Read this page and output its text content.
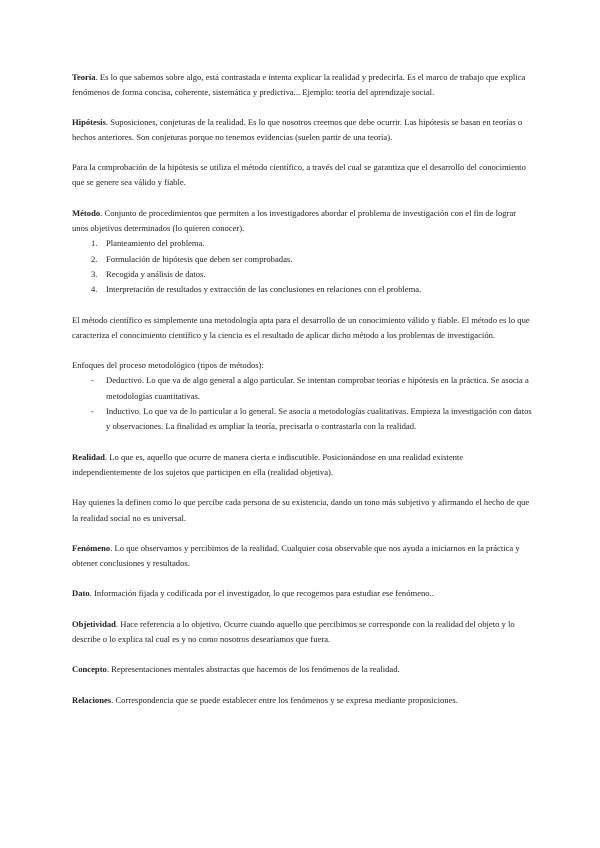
Teoría. Es lo que sabemos sobre algo, está contrastada e intenta explicar la realidad y predecirla. Es el marco de trabajo que explica fenómenos de forma concisa, coherente, sistemática y predictiva... Ejemplo: teoría del aprendizaje social.

Hipótesis. Suposiciones, conjeturas de la realidad. Es lo que nosotros creemos que debe ocurrir. Las hipótesis se basan en teorías o hechos anteriores. Son conjeturas porque no tenemos evidencias (suelen partir de una teoría).

Para la comprobación de la hipótesis se utiliza el método científico, a través del cual se garantiza que el desarrollo del conocimiento que se genere sea válido y fiable.

Método. Conjunto de procedimientos que permiten a los investigadores abordar el problema de investigación con el fin de lograr unos objetivos determinados (lo quieren conocer).

1. Planteamiento del problema.
2. Formulación de hipótesis que deben ser comprobadas.
3. Recogida y análisis de datos.
4. Interpretación de resultados y extracción de las conclusiones en relaciones con el problema.

El método científico es simplemente una metodología apta para el desarrollo de un conocimiento válido y fiable. El método es lo que caracteriza el conocimiento científico y la ciencia es el resultado de aplicar dicho método a los problemas de investigación.

Enfoques del proceso metodológico (tipos de métodos):

- Deductivo. Lo que va de algo general a algo particular. Se intentan comprobar teorías e hipótesis en la práctica. Se asocia a metodologías cuantitativas.
- Inductivo. Lo que va de lo particular a lo general. Se asocia a metodologías cualitativas. Empieza la investigación con datos y observaciones. La finalidad es ampliar la teoría, precisarla o contrastarla con la realidad.

Realidad. Lo que es, aquello que ocurre de manera cierta e indiscutible. Posicionándose en una realidad existente independientemente de los sujetos que participen en ella (realidad objetiva).

Hay quienes la definen como lo que percibe cada persona de su existencia, dando un tono más subjetivo y afirmando el hecho de que la realidad social no es universal.

Fenómeno. Lo que observamos y percibimos de la realidad. Cualquier cosa observable que nos ayuda a iniciarnos en la práctica y obtener conclusiones y resultados.

Dato. Información fijada y codificada por el investigador, lo que recogemos para estudiar ese fenómeno..

Objetividad. Hace referencia a lo objetivo. Ocurre cuando aquello que percibimos se corresponde con la realidad del objeto y lo describe o lo explica tal cual es y no como nosotros desearíamos que fuera.

Concepto. Representaciones mentales abstractas que hacemos de los fenómenos de la realidad.

Relaciones. Correspondencia que se puede establecer entre los fenómenos y se expresa mediante proposiciones.
